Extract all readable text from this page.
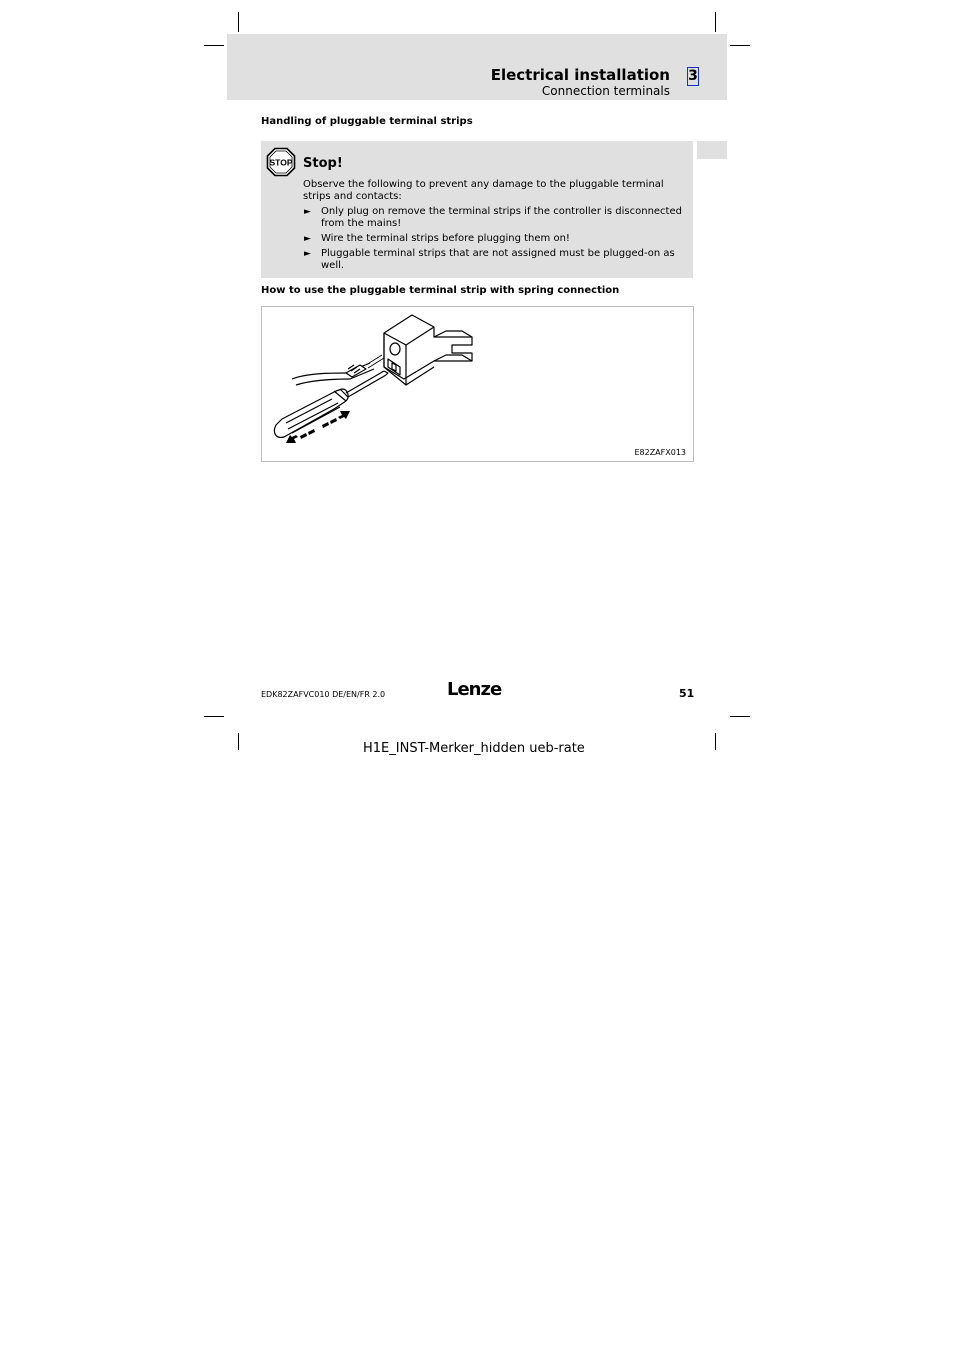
Electrical installation
Connection terminals
3
Handling of pluggable terminal strips
STOP Stop!
Observe the following to prevent any damage to the pluggable terminal strips and contacts:
► Only plug on remove the terminal strips if the controller is disconnected from the mains!
► Wire the terminal strips before plugging them on!
► Pluggable terminal strips that are not assigned must be plugged-on as well.
How to use the pluggable terminal strip with spring connection
E82ZAFX013
EDK82ZAFVC010 DE/EN/FR 2.0	Lenze	51
H1E_INST-Merker_hidden ueb-rate
